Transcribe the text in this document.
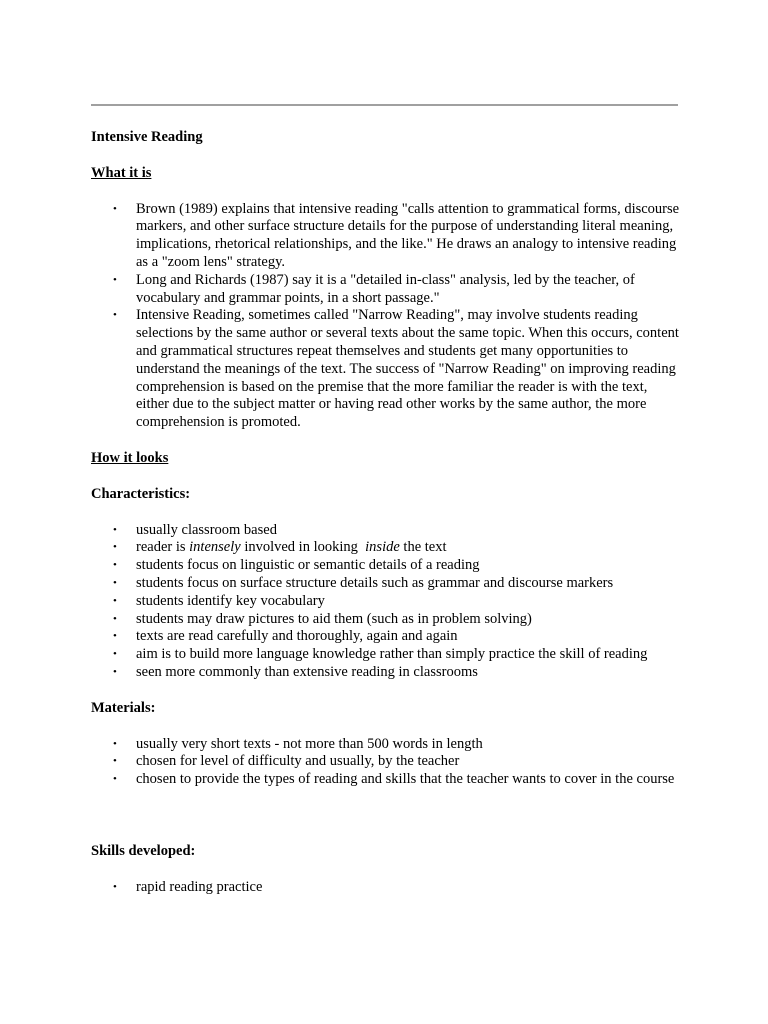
Intensive Reading

What it is

• Brown (1989) explains that intensive reading "calls attention to grammatical forms, discourse markers, and other surface structure details for the purpose of understanding literal meaning, implications, rhetorical relationships, and the like." He draws an analogy to intensive reading as a "zoom lens" strategy.
• Long and Richards (1987) say it is a "detailed in-class" analysis, led by the teacher, of vocabulary and grammar points, in a short passage."
• Intensive Reading, sometimes called "Narrow Reading", may involve students reading selections by the same author or several texts about the same topic. When this occurs, content and grammatical structures repeat themselves and students get many opportunities to understand the meanings of the text. The success of "Narrow Reading" on improving reading comprehension is based on the premise that the more familiar the reader is with the text, either due to the subject matter or having read other works by the same author, the more comprehension is promoted.

How it looks

Characteristics:

• usually classroom based
• reader is intensely involved in looking  inside the text
• students focus on linguistic or semantic details of a reading
• students focus on surface structure details such as grammar and discourse markers
• students identify key vocabulary
• students may draw pictures to aid them (such as in problem solving)
• texts are read carefully and thoroughly, again and again
• aim is to build more language knowledge rather than simply practice the skill of reading
• seen more commonly than extensive reading in classrooms

Materials:

• usually very short texts - not more than 500 words in length
• chosen for level of difficulty and usually, by the teacher
• chosen to provide the types of reading and skills that the teacher wants to cover in the course

Skills developed:

• rapid reading practice
